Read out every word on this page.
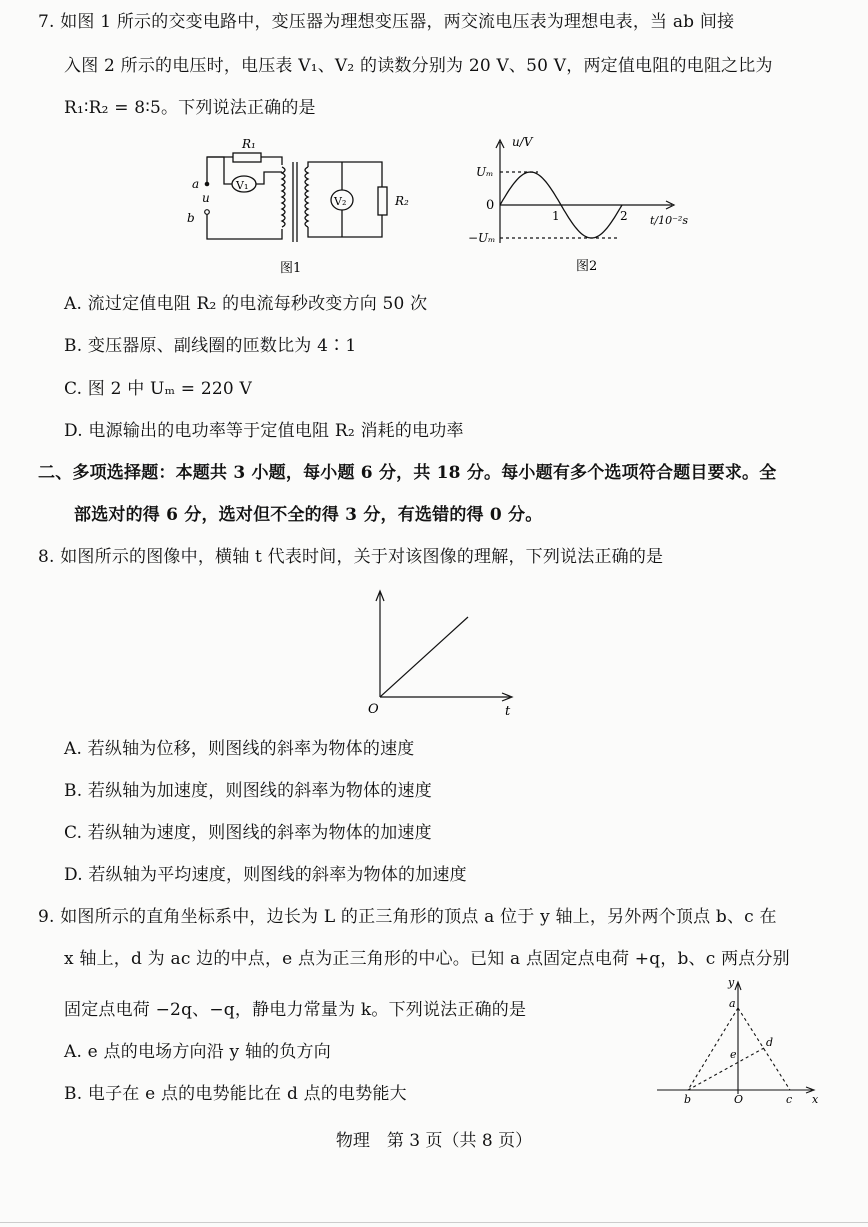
7. 如图 1 所示的交变电路中，变压器为理想变压器，两交流电压表为理想电表，当 ab 间接
入图 2 所示的电压时，电压表 V₁、V₂ 的读数分别为 20 V、50 V，两定值电阻的电阻之比为
R₁∶R₂ = 8∶5。下列说法正确的是
R₁
V₁
V₂	R₂
a
u
b
图1
u/V
Uₘ
0
−Uₘ
1	2 t/10⁻²s
图2
A. 流过定值电阻 R₂ 的电流每秒改变方向 50 次
B. 变压器原、副线圈的匝数比为 4∶1
C. 图 2 中 Uₘ = 220 V
D. 电源输出的电功率等于定值电阻 R₂ 消耗的电功率
二、多项选择题：本题共 3 小题，每小题 6 分，共 18 分。每小题有多个选项符合题目要求。全
部选对的得 6 分，选对但不全的得 3 分，有选错的得 0 分。
8. 如图所示的图像中，横轴 t 代表时间，关于对该图像的理解，下列说法正确的是
O	t
A. 若纵轴为位移，则图线的斜率为物体的速度
B. 若纵轴为加速度，则图线的斜率为物体的速度
C. 若纵轴为速度，则图线的斜率为物体的加速度
D. 若纵轴为平均速度，则图线的斜率为物体的加速度
9. 如图所示的直角坐标系中，边长为 L 的正三角形的顶点 a 位于 y 轴上，另外两个顶点 b、c 在
x 轴上，d 为 ac 边的中点，e 点为正三角形的中心。已知 a 点固定点电荷 +q，b、c 两点分别
固定点电荷 −2q、−q，静电力常量为 k。下列说法正确的是
A. e 点的电场方向沿 y 轴的负方向
B. 电子在 e 点的电势能比在 d 点的电势能大
y
x
a
d
e
b	O	c
物理　第 3 页（共 8 页）
